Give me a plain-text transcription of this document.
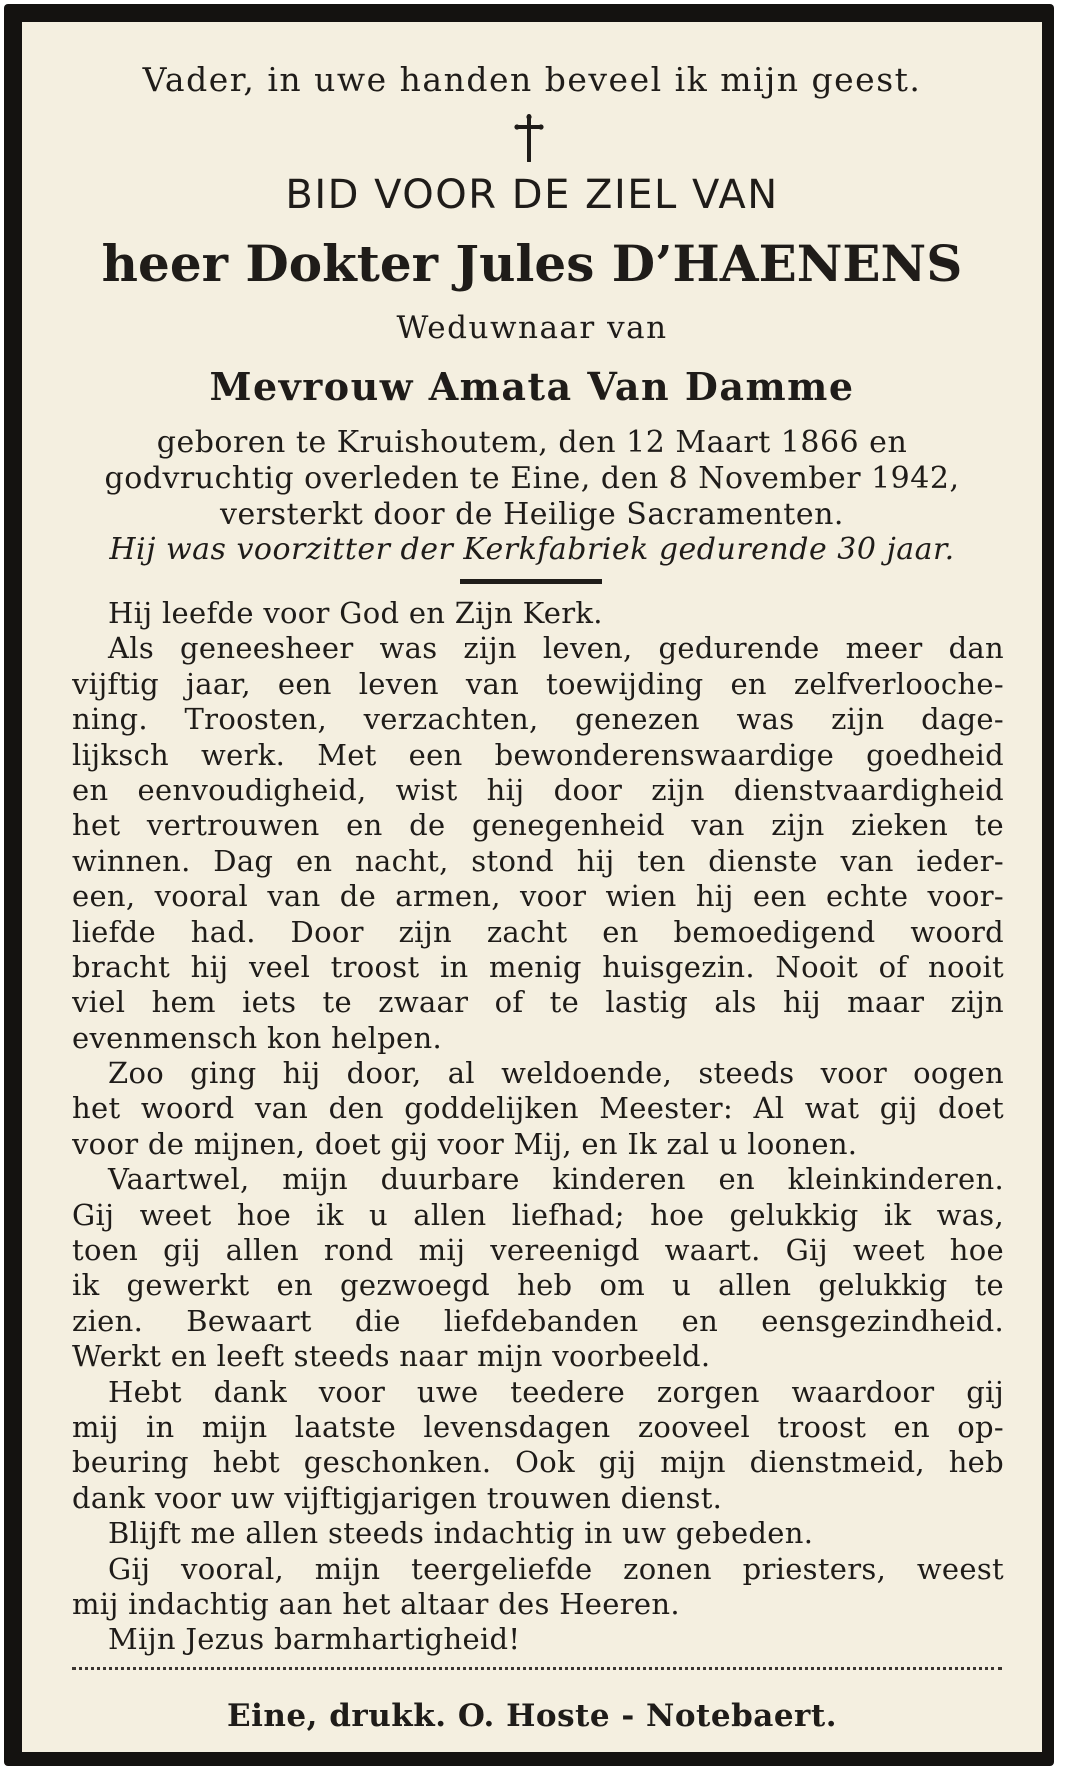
Vader, in uwe handen beveel ik mijn geest.

BID VOOR DE ZIEL VAN

heer Dokter Jules D’HAENENS

Weduwnaar van

Mevrouw Amata Van Damme

geboren te Kruishoutem, den 12 Maart 1866 en

godvruchtig overleden te Eine, den 8 November 1942,

versterkt door de Heilige Sacramenten.

Hij was voorzitter der Kerkfabriek gedurende 30 jaar.

Hij leefde voor God en Zijn Kerk.
Als geneesheer was zijn leven, gedurende meer dan
vijftig jaar, een leven van toewijding en zelfverlooche-
ning. Troosten, verzachten, genezen was zijn dage-
lijksch werk. Met een bewonderenswaardige goedheid
en eenvoudigheid, wist hij door zijn dienstvaardigheid
het vertrouwen en de genegenheid van zijn zieken te
winnen. Dag en nacht, stond hij ten dienste van ieder-
een, vooral van de armen, voor wien hij een echte voor-
liefde had. Door zijn zacht en bemoedigend woord
bracht hij veel troost in menig huisgezin. Nooit of nooit
viel hem iets te zwaar of te lastig als hij maar zijn
evenmensch kon helpen.
Zoo ging hij door, al weldoende, steeds voor oogen
het woord van den goddelijken Meester: Al wat gij doet
voor de mijnen, doet gij voor Mij, en Ik zal u loonen.
Vaartwel, mijn duurbare kinderen en kleinkinderen.
Gij weet hoe ik u allen liefhad; hoe gelukkig ik was,
toen gij allen rond mij vereenigd waart. Gij weet hoe
ik gewerkt en gezwoegd heb om u allen gelukkig te
zien. Bewaart die liefdebanden en eensgezindheid.
Werkt en leeft steeds naar mijn voorbeeld.
Hebt dank voor uwe teedere zorgen waardoor gij
mij in mijn laatste levensdagen zooveel troost en op-
beuring hebt geschonken. Ook gij mijn dienstmeid, heb
dank voor uw vijftigjarigen trouwen dienst.
Blijft me allen steeds indachtig in uw gebeden.
Gij vooral, mijn teergeliefde zonen priesters, weest
mij indachtig aan het altaar des Heeren.
Mijn Jezus barmhartigheid!

Eine, drukk. O. Hoste - Notebaert.
